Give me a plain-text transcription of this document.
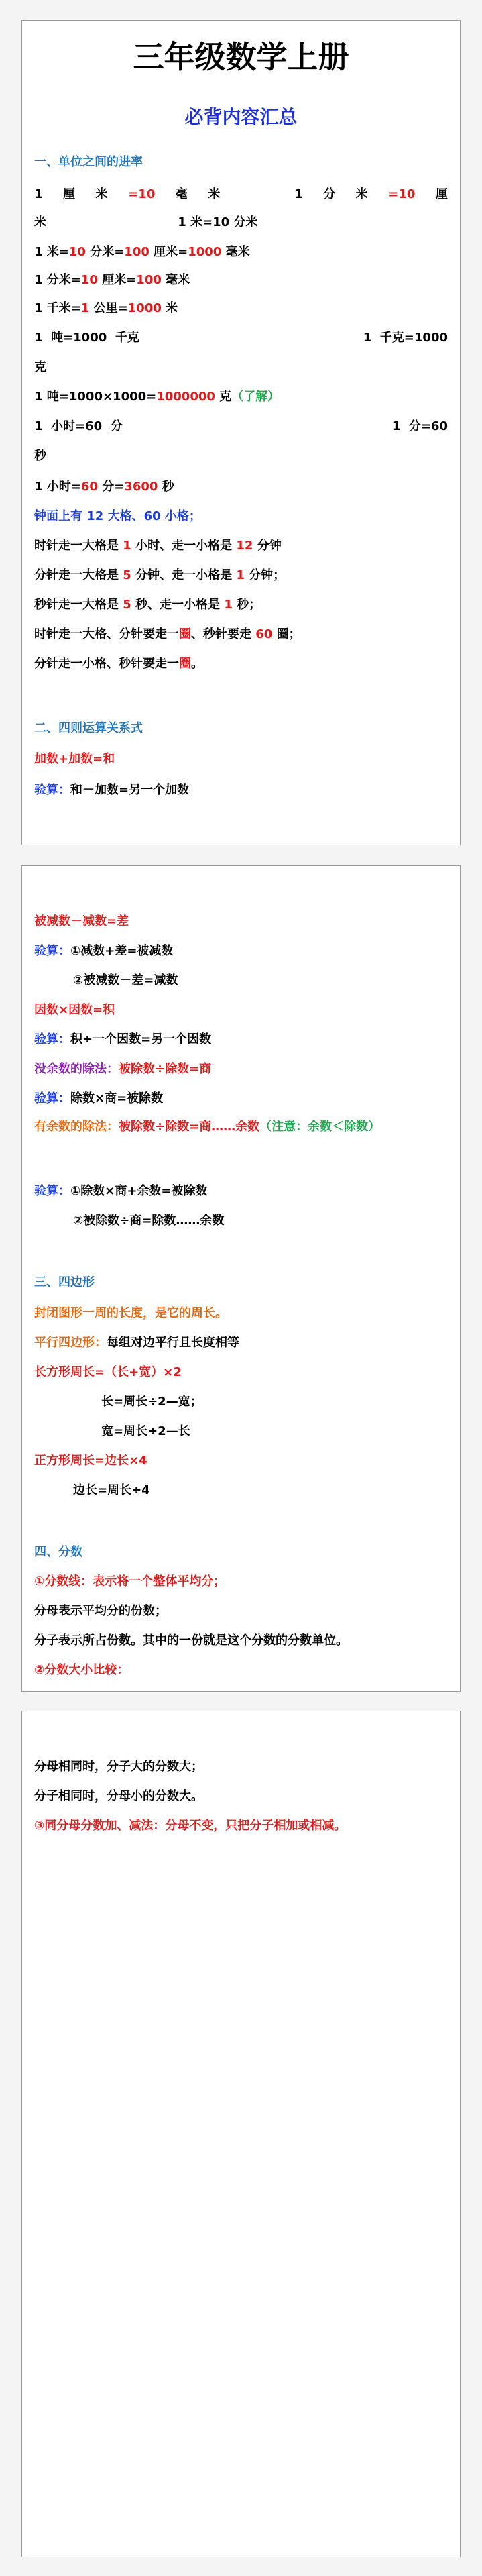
三年级数学上册
必背内容汇总

一、单位之间的进率

1 厘 米 =10 毫 米	1 分 米 =10 厘

米	1 米=10 分米

1 米=10 分米=100 厘米=1000 毫米

1 分米=10 厘米=100 毫米

1 千米=1 公里=1000 米

1 吨=1000 千克	1 千克=1000

克

1 吨=1000×1000=1000000 克（了解）

1 小时=60 分	1 分=60

秒

1 小时=60 分=3600 秒

钟面上有 12 大格、60 小格；

时针走一大格是 1 小时、走一小格是 12 分钟

分针走一大格是 5 分钟、走一小格是 1 分钟；

秒针走一大格是 5 秒、走一小格是 1 秒；

时针走一大格、分针要走一圈、秒针要走 60 圈；

分针走一小格、秒针要走一圈。

二、四则运算关系式

加数+加数=和

验算：和－加数=另一个加数

被减数－减数=差

验算：①减数+差=被减数

②被减数－差=减数

因数×因数=积

验算：积÷一个因数=另一个因数

没余数的除法：被除数÷除数=商

验算：除数×商=被除数

有余数的除法：被除数÷除数=商……余数（注意：余数＜除数）

验算：①除数×商+余数=被除数

②被除数÷商=除数……余数

三、四边形

封闭图形一周的长度，是它的周长。

平行四边形：每组对边平行且长度相等

长方形周长=（长+宽）×2

长=周长÷2—宽；

宽=周长÷2—长

正方形周长=边长×4

边长=周长÷4

四、分数

①分数线：表示将一个整体平均分；

分母表示平均分的份数；

分子表示所占份数。其中的一份就是这个分数的分数单位。

②分数大小比较：

分母相同时，分子大的分数大；

分子相同时，分母小的分数大。

③同分母分数加、减法：分母不变，只把分子相加或相减。
